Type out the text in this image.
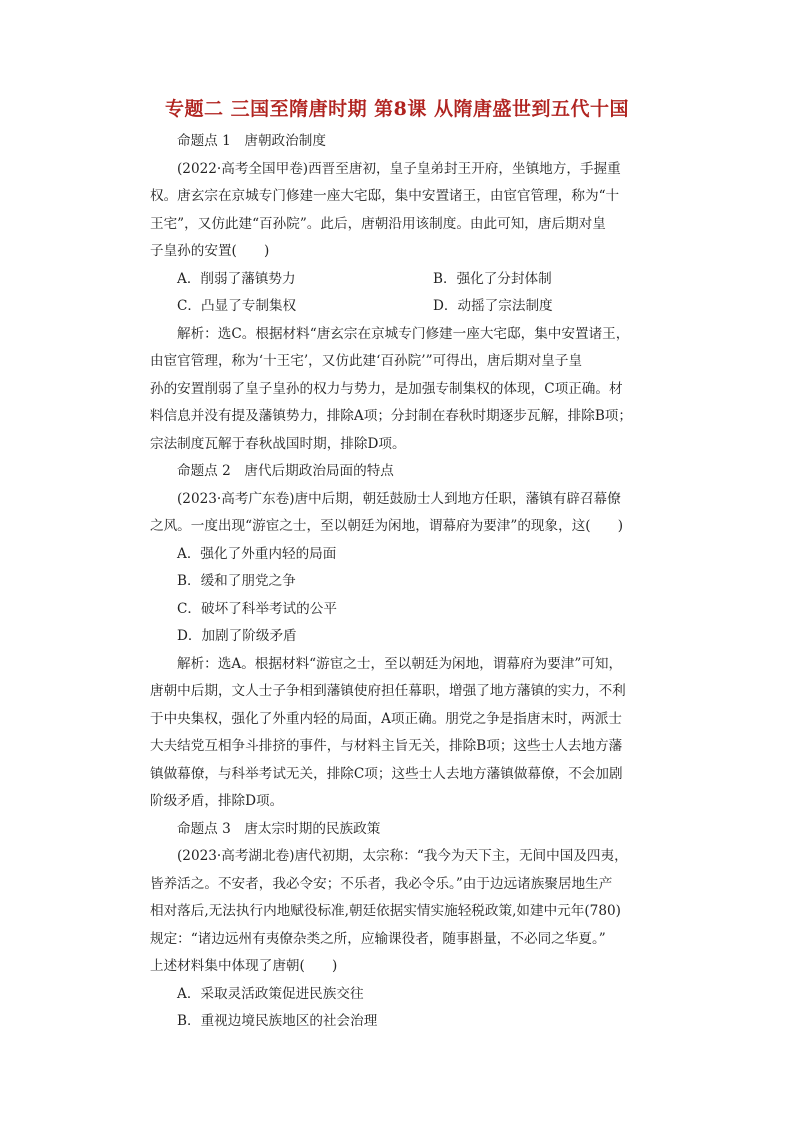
专题二 三国至隋唐时期 第8课 从隋唐盛世到五代十国
命题点 1　唐朝政治制度
(2022·高考全国甲卷)西晋至唐初，皇子皇弟封王开府，坐镇地方，手握重
权。唐玄宗在京城专门修建一座大宅邸，集中安置诸王，由宦官管理，称为“十
王宅”，又仿此建“百孙院”。此后，唐朝沿用该制度。由此可知，唐后期对皇
子皇孙的安置(　　)
A．削弱了藩镇势力	B．强化了分封体制
C．凸显了专制集权	D．动摇了宗法制度
解析：选C。根据材料“唐玄宗在京城专门修建一座大宅邸，集中安置诸王，
由宦官管理，称为‘十王宅’，又仿此建‘百孙院’”可得出，唐后期对皇子皇
孙的安置削弱了皇子皇孙的权力与势力，是加强专制集权的体现，C项正确。材
料信息并没有提及藩镇势力，排除A项；分封制在春秋时期逐步瓦解，排除B项；
宗法制度瓦解于春秋战国时期，排除D项。
命题点 2　唐代后期政治局面的特点
(2023·高考广东卷)唐中后期，朝廷鼓励士人到地方任职，藩镇有辟召幕僚
之风。一度出现“游宦之士，至以朝廷为闲地，谓幕府为要津”的现象，这(　　)
A．强化了外重内轻的局面
B．缓和了朋党之争
C．破坏了科举考试的公平
D．加剧了阶级矛盾
解析：选A。根据材料“游宦之士，至以朝廷为闲地，谓幕府为要津”可知，
唐朝中后期，文人士子争相到藩镇使府担任幕职，增强了地方藩镇的实力，不利
于中央集权，强化了外重内轻的局面，A项正确。朋党之争是指唐末时，两派士
大夫结党互相争斗排挤的事件，与材料主旨无关，排除B项；这些士人去地方藩
镇做幕僚，与科举考试无关，排除C项；这些士人去地方藩镇做幕僚，不会加剧
阶级矛盾，排除D项。
命题点 3　唐太宗时期的民族政策
(2023·高考湖北卷)唐代初期，太宗称：“我今为天下主，无间中国及四夷，
皆养活之。不安者，我必令安；不乐者，我必令乐。”由于边远诸族聚居地生产
相对落后,无法执行内地赋役标准,朝廷依据实情实施轻税政策,如建中元年(780)
规定：“诸边远州有夷僚杂类之所，应输课役者，随事斟量，不必同之华夏。”
上述材料集中体现了唐朝(　　)
A．采取灵活政策促进民族交往
B．重视边境民族地区的社会治理
